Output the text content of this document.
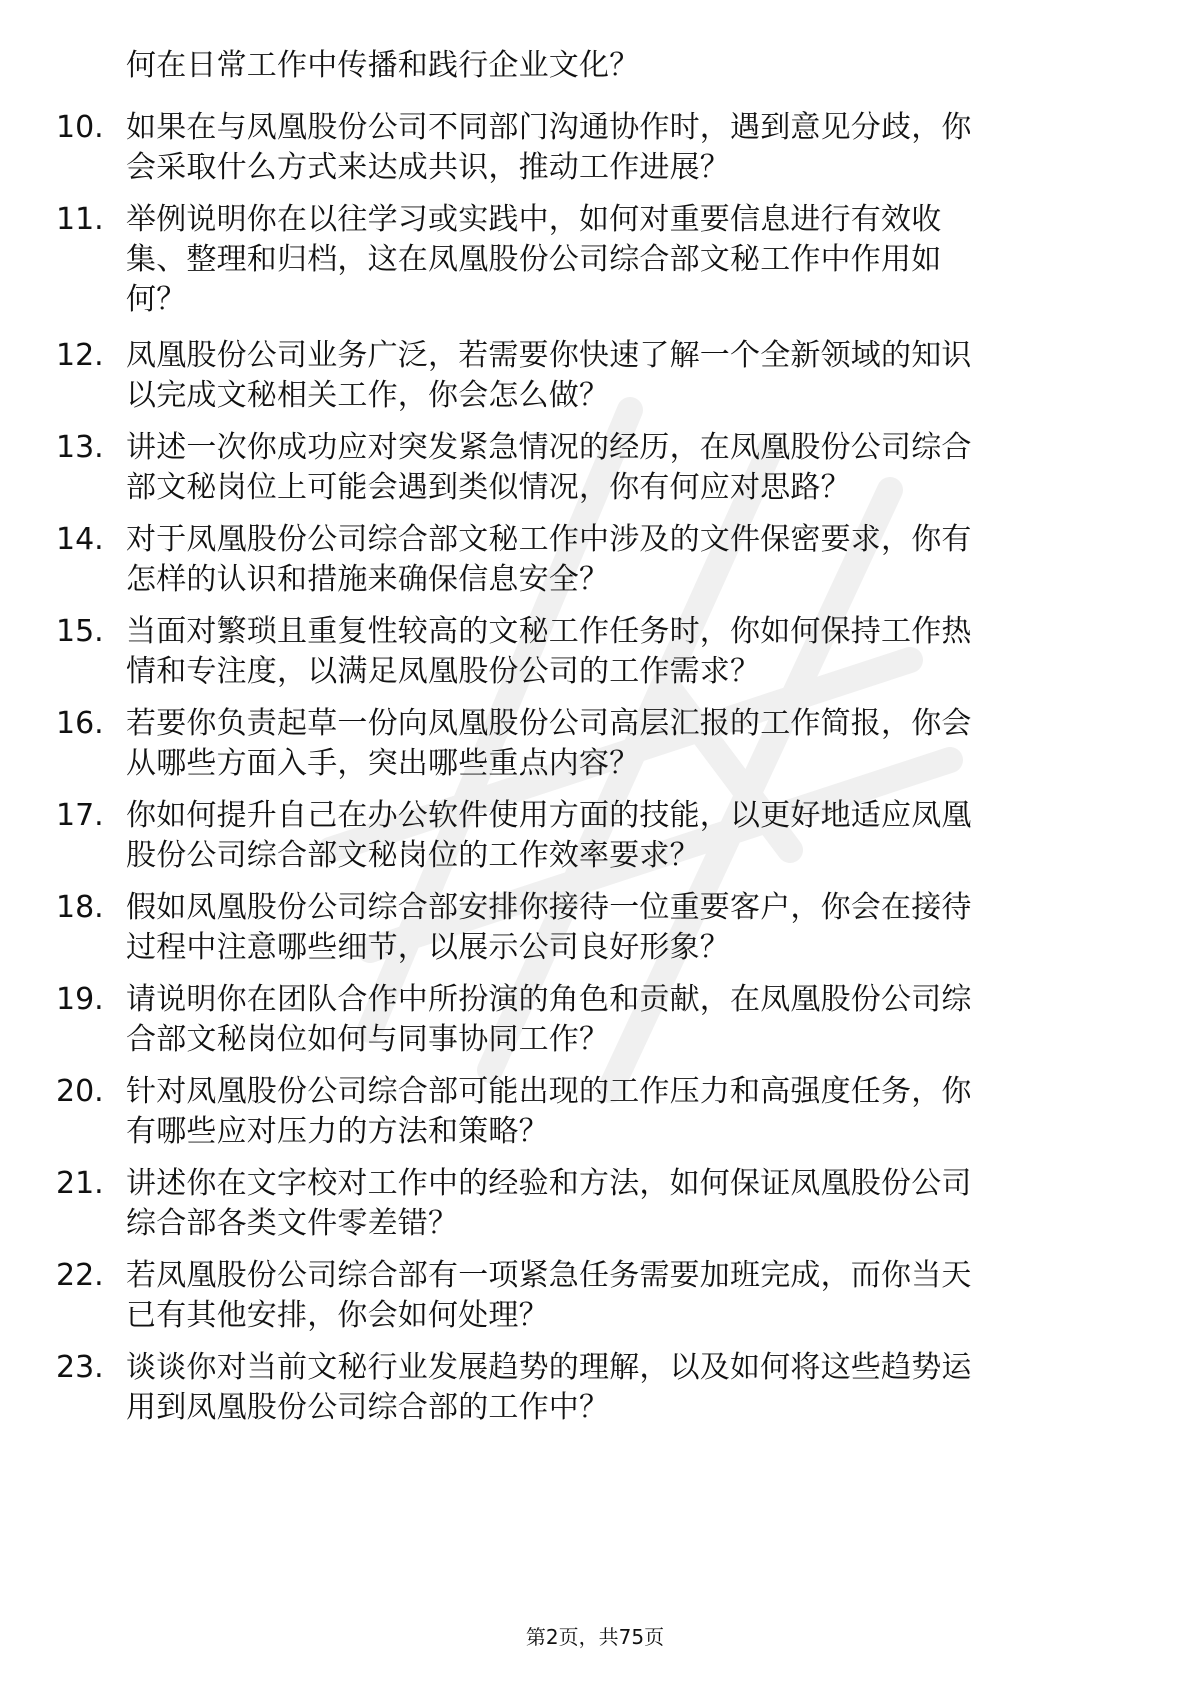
何在日常工作中传播和践行企业文化？
10. 如果在与凤凰股份公司不同部门沟通协作时，遇到意见分歧，你
会采取什么方式来达成共识，推动工作进展？
11. 举例说明你在以往学习或实践中，如何对重要信息进行有效收
集、整理和归档，这在凤凰股份公司综合部文秘工作中作用如
何？
12. 凤凰股份公司业务广泛，若需要你快速了解一个全新领域的知识
以完成文秘相关工作，你会怎么做？
13. 讲述一次你成功应对突发紧急情况的经历，在凤凰股份公司综合
部文秘岗位上可能会遇到类似情况，你有何应对思路？
14. 对于凤凰股份公司综合部文秘工作中涉及的文件保密要求，你有
怎样的认识和措施来确保信息安全？
15. 当面对繁琐且重复性较高的文秘工作任务时，你如何保持工作热
情和专注度，以满足凤凰股份公司的工作需求？
16. 若要你负责起草一份向凤凰股份公司高层汇报的工作简报，你会
从哪些方面入手，突出哪些重点内容？
17. 你如何提升自己在办公软件使用方面的技能，以更好地适应凤凰
股份公司综合部文秘岗位的工作效率要求？
18. 假如凤凰股份公司综合部安排你接待一位重要客户，你会在接待
过程中注意哪些细节，以展示公司良好形象？
19. 请说明你在团队合作中所扮演的角色和贡献，在凤凰股份公司综
合部文秘岗位如何与同事协同工作？
20. 针对凤凰股份公司综合部可能出现的工作压力和高强度任务，你
有哪些应对压力的方法和策略？
21. 讲述你在文字校对工作中的经验和方法，如何保证凤凰股份公司
综合部各类文件零差错？
22. 若凤凰股份公司综合部有一项紧急任务需要加班完成，而你当天
已有其他安排，你会如何处理？
23. 谈谈你对当前文秘行业发展趋势的理解，以及如何将这些趋势运
用到凤凰股份公司综合部的工作中？
第2页，共75页
